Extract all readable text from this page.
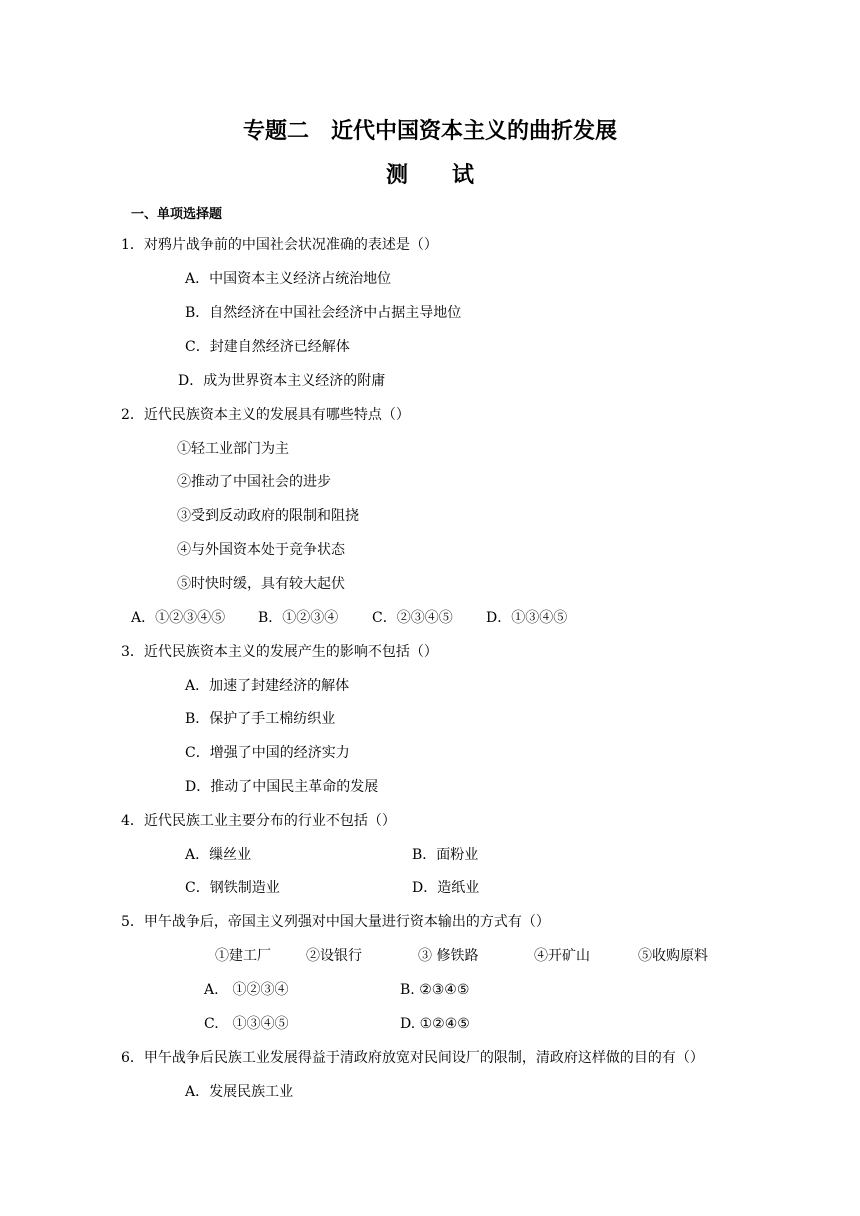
专题二　近代中国资本主义的曲折发展
测　　试
一、单项选择题
1．对鸦片战争前的中国社会状况准确的表述是（）
A．中国资本主义经济占统治地位
B．自然经济在中国社会经济中占据主导地位
C．封建自然经济已经解体
D．成为世界资本主义经济的附庸
2．近代民族资本主义的发展具有哪些特点（）
①轻工业部门为主
②推动了中国社会的进步
③受到反动政府的限制和阻挠
④与外国资本处于竞争状态
⑤时快时缓，具有较大起伏
A．①②③④⑤ B．①②③④ C．②③④⑤ D．①③④⑤
3．近代民族资本主义的发展产生的影响不包括（）
A．加速了封建经济的解体
B．保护了手工棉纺织业
C．增强了中国的经济实力
D．推动了中国民主革命的发展
4．近代民族工业主要分布的行业不包括（）
A．缫丝业	B．面粉业
C．钢铁制造业	D．造纸业
5．甲午战争后，帝国主义列强对中国大量进行资本输出的方式有（）
①建工厂	②设银行	③ 修铁路	④开矿山	⑤收购原料
A.　①②③④	B. ②③④⑤
C.　①③④⑤	D. ①②④⑤
6．甲午战争后民族工业发展得益于清政府放宽对民间设厂的限制，清政府这样做的目的有（）
A．发展民族工业
